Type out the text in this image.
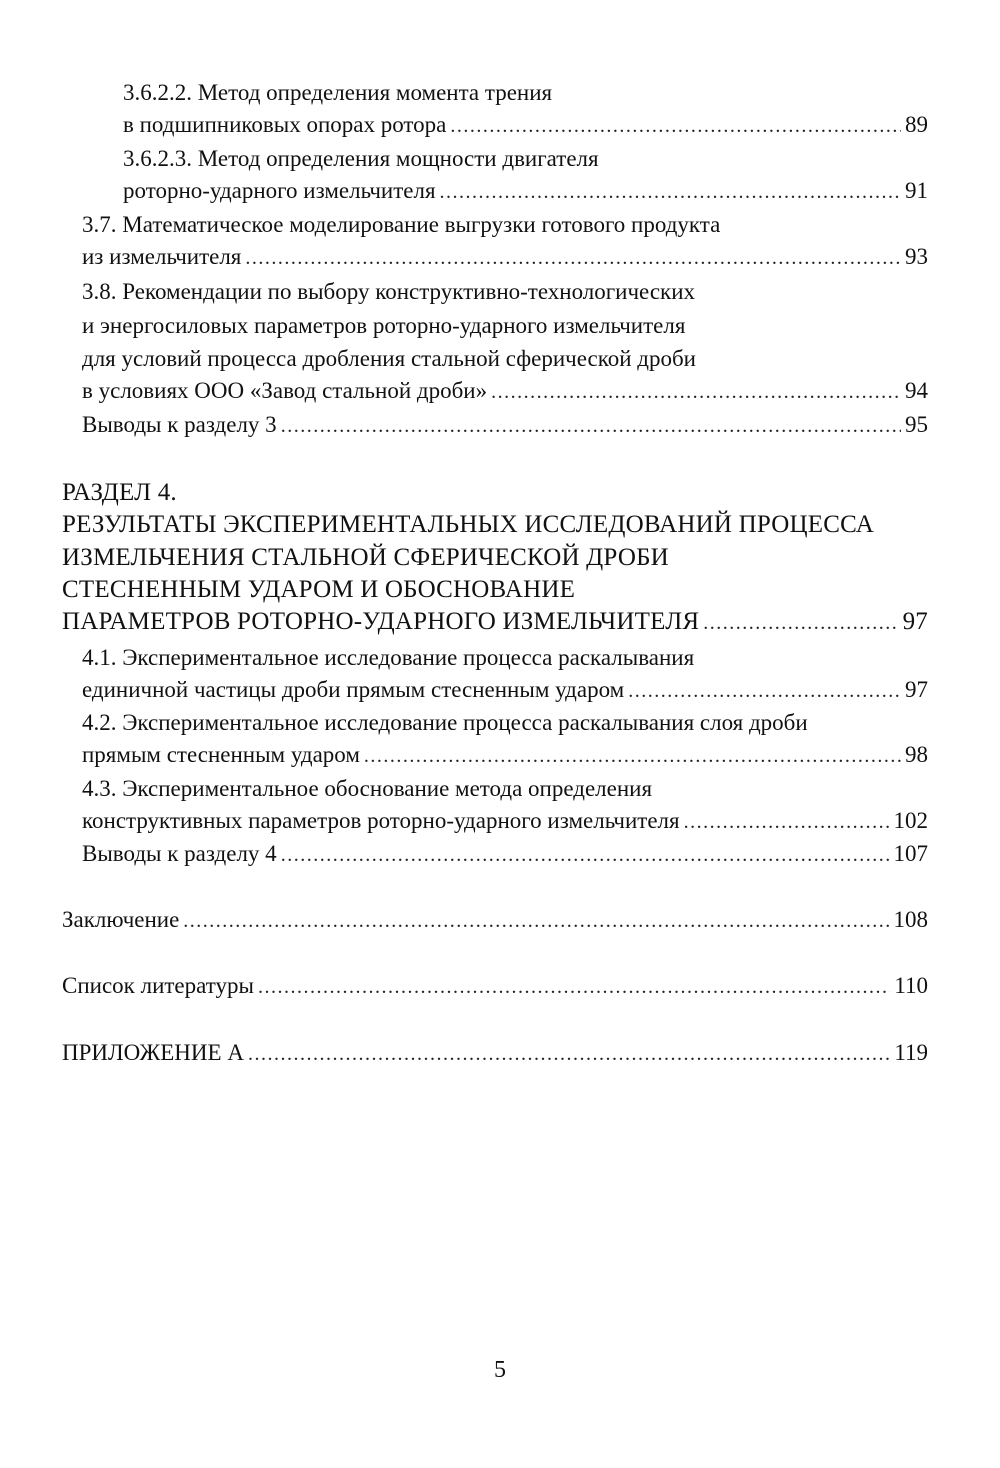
3.6.2.2. Метод определения момента трения
в подшипниковых опорах ротора .....	89
3.6.2.3. Метод определения мощности двигателя
роторно-ударного измельчителя .....	91
3.7. Математическое моделирование выгрузки готового продукта
из измельчителя .....	93
3.8. Рекомендации по выбору конструктивно-технологических
и энергосиловых параметров роторно-ударного измельчителя
для условий процесса дробления стальной сферической дроби
в условиях ООО «Завод стальной дроби» .....	94
Выводы к разделу 3 .....	95
РАЗДЕЛ 4.
РЕЗУЛЬТАТЫ ЭКСПЕРИМЕНТАЛЬНЫХ ИССЛЕДОВАНИЙ ПРОЦЕССА
ИЗМЕЛЬЧЕНИЯ СТАЛЬНОЙ СФЕРИЧЕСКОЙ ДРОБИ
СТЕСНЕННЫМ УДАРОМ И ОБОСНОВАНИЕ
ПАРАМЕТРОВ РОТОРНО-УДАРНОГО ИЗМЕЛЬЧИТЕЛЯ .....	97
4.1. Экспериментальное исследование процесса раскалывания
единичной частицы дроби прямым стесненным ударом .....	97
4.2. Экспериментальное исследование процесса раскалывания слоя дроби
прямым стесненным ударом .....	98
4.3. Экспериментальное обоснование метода определения
конструктивных параметров роторно-ударного измельчителя .....	102
Выводы к разделу 4 .....	107
Заключение .....	108
Список литературы .....	110
ПРИЛОЖЕНИЕ А .....	119
5
